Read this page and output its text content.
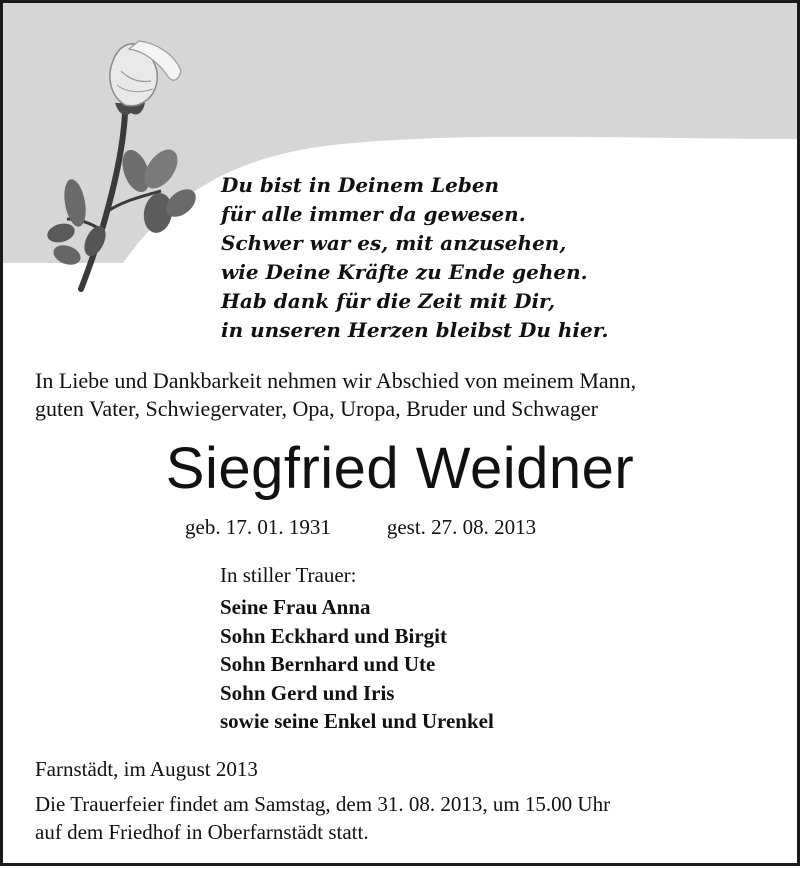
Du bist in Deinem Leben
für alle immer da gewesen.
Schwer war es, mit anzusehen,
wie Deine Kräfte zu Ende gehen.
Hab dank für die Zeit mit Dir,
in unseren Herzen bleibst Du hier.
In Liebe und Dankbarkeit nehmen wir Abschied von meinem Mann,
guten Vater, Schwiegervater, Opa, Uropa, Bruder und Schwager
Siegfried Weidner
geb. 17. 01. 1931	gest. 27. 08. 2013
In stiller Trauer:
Seine Frau Anna
Sohn Eckhard und Birgit
Sohn Bernhard und Ute
Sohn Gerd und Iris
sowie seine Enkel und Urenkel
Farnstädt, im August 2013
Die Trauerfeier findet am Samstag, dem 31. 08. 2013, um 15.00 Uhr
auf dem Friedhof in Oberfarnstädt statt.
